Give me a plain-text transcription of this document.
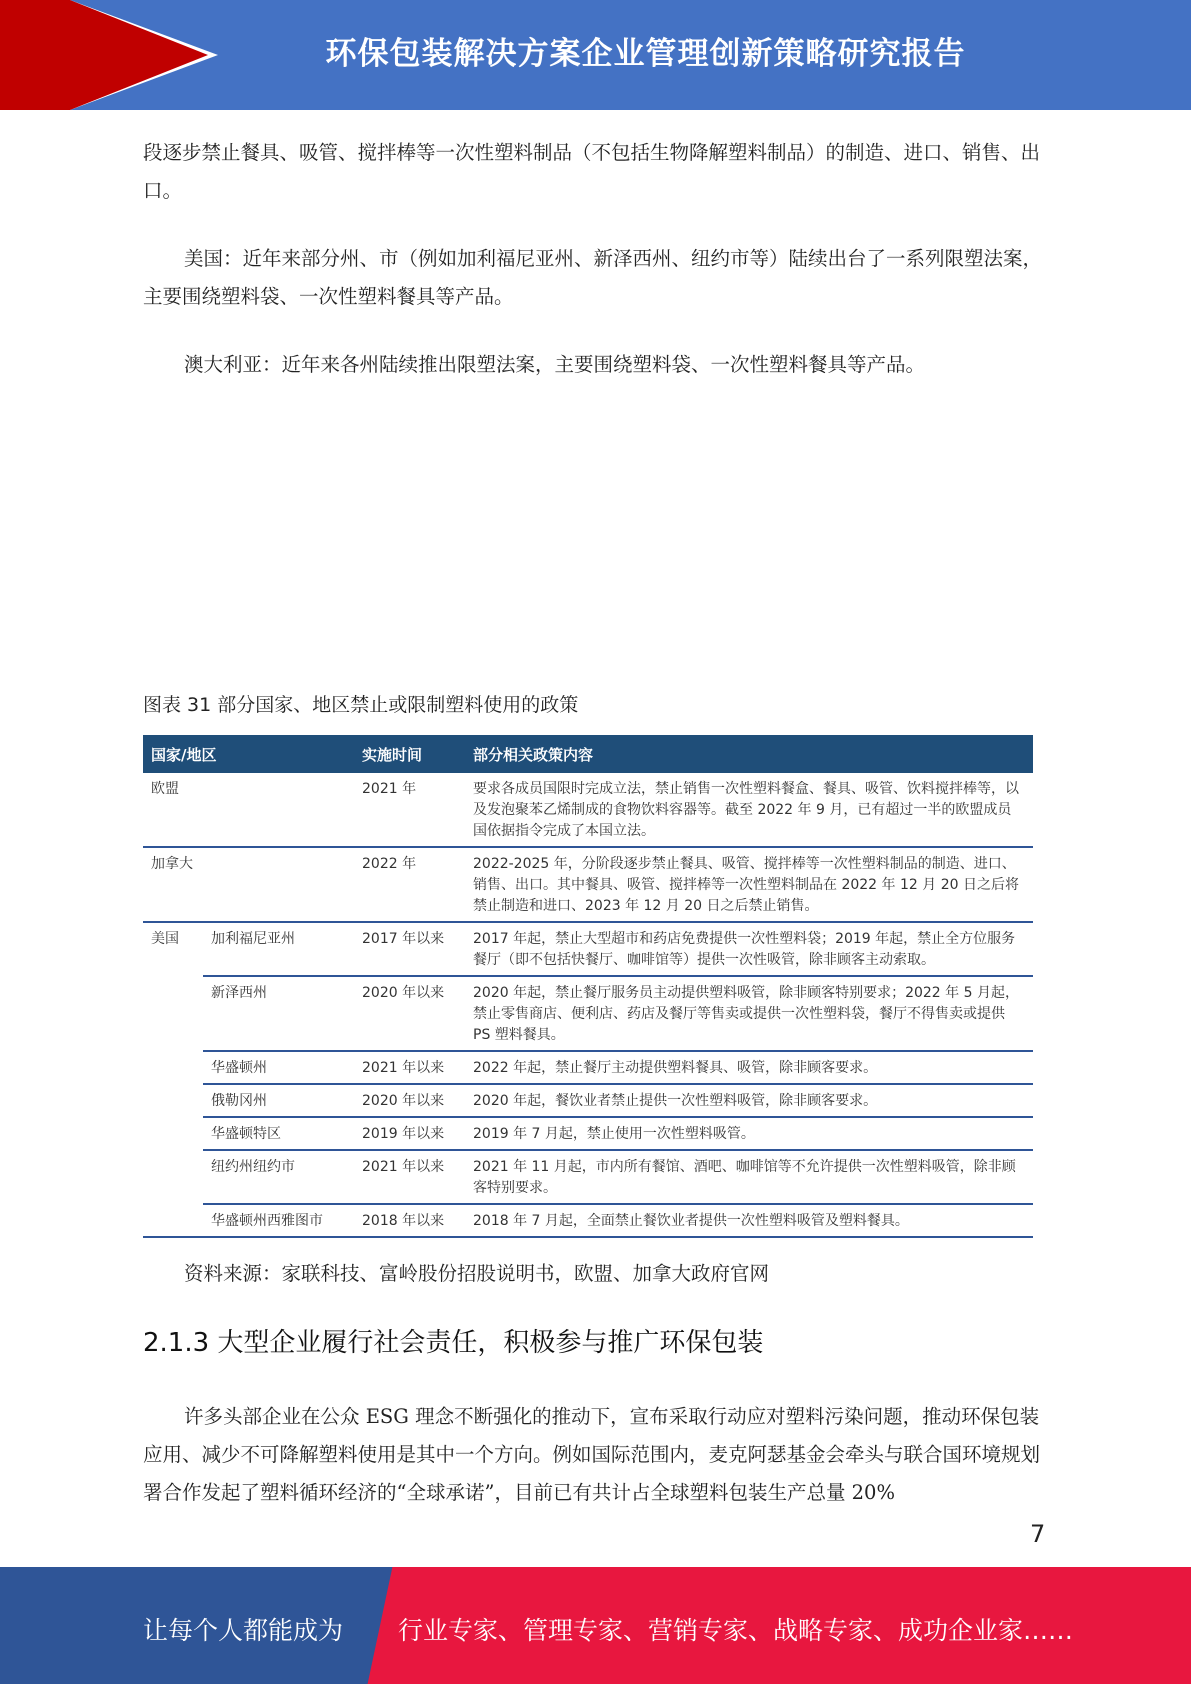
环保包装解决方案企业管理创新策略研究报告

段逐步禁止餐具、吸管、搅拌棒等一次性塑料制品（不包括生物降解塑料制品）的制造、进口、销售、出口。

美国：近年来部分州、市（例如加利福尼亚州、新泽西州、纽约市等）陆续出台了一系列限塑法案，主要围绕塑料袋、一次性塑料餐具等产品。

澳大利亚：近年来各州陆续推出限塑法案，主要围绕塑料袋、一次性塑料餐具等产品。

图表 31 部分国家、地区禁止或限制塑料使用的政策
国家/地区		实施时间	部分相关政策内容
欧盟		2021 年	要求各成员国限时完成立法，禁止销售一次性塑料餐盒、餐具、吸管、饮料搅拌棒等，以及发泡聚苯乙烯制成的食物饮料容器等。截至 2022 年 9 月，已有超过一半的欧盟成员国依据指令完成了本国立法。
加拿大		2022 年	2022-2025 年，分阶段逐步禁止餐具、吸管、搅拌棒等一次性塑料制品的制造、进口、销售、出口。其中餐具、吸管、搅拌棒等一次性塑料制品在 2022 年 12 月 20 日之后将禁止制造和进口、2023 年 12 月 20 日之后禁止销售。
美国	加利福尼亚州	2017 年以来	2017 年起，禁止大型超市和药店免费提供一次性塑料袋；2019 年起，禁止全方位服务餐厅（即不包括快餐厅、咖啡馆等）提供一次性吸管，除非顾客主动索取。
	新泽西州	2020 年以来	2020 年起，禁止餐厅服务员主动提供塑料吸管，除非顾客特别要求；2022 年 5 月起，禁止零售商店、便利店、药店及餐厅等售卖或提供一次性塑料袋，餐厅不得售卖或提供 PS 塑料餐具。
	华盛顿州	2021 年以来	2022 年起，禁止餐厅主动提供塑料餐具、吸管，除非顾客要求。
	俄勒冈州	2020 年以来	2020 年起，餐饮业者禁止提供一次性塑料吸管，除非顾客要求。
	华盛顿特区	2019 年以来	2019 年 7 月起，禁止使用一次性塑料吸管。
	纽约州纽约市	2021 年以来	2021 年 11 月起，市内所有餐馆、酒吧、咖啡馆等不允许提供一次性塑料吸管，除非顾客特别要求。
	华盛顿州西雅图市	2018 年以来	2018 年 7 月起，全面禁止餐饮业者提供一次性塑料吸管及塑料餐具。

资料来源：家联科技、富岭股份招股说明书，欧盟、加拿大政府官网

2.1.3 大型企业履行社会责任，积极参与推广环保包装

许多头部企业在公众 ESG 理念不断强化的推动下，宣布采取行动应对塑料污染问题，推动环保包装应用、减少不可降解塑料使用是其中一个方向。例如国际范围内，麦克阿瑟基金会牵头与联合国环境规划署合作发起了塑料循环经济的“全球承诺”，目前已有共计占全球塑料包装生产总量 20%

7
让每个人都能成为 行业专家、管理专家、营销专家、战略专家、成功企业家……
